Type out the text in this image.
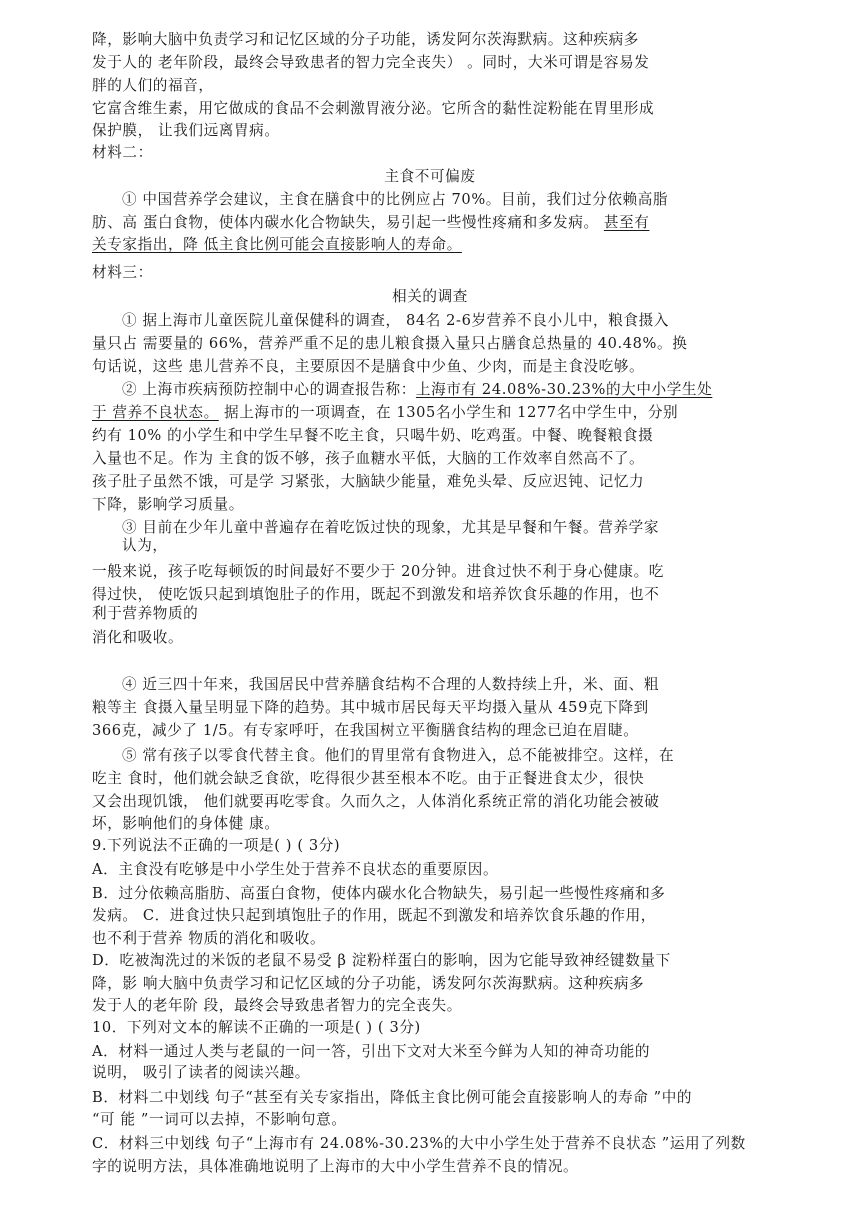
降，影响大脑中负责学习和记忆区域的分子功能，诱发阿尔茨海默病。这种疾病多
发于人的 老年阶段，最终会导致患者的智力完全丧失） 。同时，大米可谓是容易发
胖的人们的福音，
它富含维生素，用它做成的食品不会刺激胃液分泌。它所含的黏性淀粉能在胃里形成
保护膜， 让我们远离胃病。
材料二：
主食不可偏废
① 中国营养学会建议，主食在膳食中的比例应占 70%。目前，我们过分依赖高脂
肪、高 蛋白食物，使体内碳水化合物缺失，易引起一些慢性疼痛和多发病。 甚至有
关专家指出，降 低主食比例可能会直接影响人的寿命。
材料三：
相关的调查
① 据上海市儿童医院儿童保健科的调查， 84名 2-6岁营养不良小儿中，粮食摄入
量只占 需要量的 66%，营养严重不足的患儿粮食摄入量只占膳食总热量的 40.48%。换
句话说，这些 患儿营养不良，主要原因不是膳食中少鱼、少肉，而是主食没吃够。
② 上海市疾病预防控制中心的调查报告称：上海市有 24.08%-30.23%的大中小学生处
于 营养不良状态。 据上海市的一项调查，在 1305名小学生和 1277名中学生中，分别
约有 10% 的小学生和中学生早餐不吃主食，只喝牛奶、吃鸡蛋。中餐、晚餐粮食摄
入量也不足。作为 主食的饭不够，孩子血糖水平低，大脑的工作效率自然高不了。
孩子肚子虽然不饿，可是学 习紧张，大脑缺少能量，难免头晕、反应迟钝、记忆力
下降，影响学习质量。
③ 目前在少年儿童中普遍存在着吃饭过快的现象，尤其是早餐和午餐。营养学家
认为，
一般来说，孩子吃每顿饭的时间最好不要少于 20分钟。进食过快不利于身心健康。吃
得过快， 使吃饭只起到填饱肚子的作用，既起不到激发和培养饮食乐趣的作用，也不
利于营养物质的
消化和吸收。
④ 近三四十年来，我国居民中营养膳食结构不合理的人数持续上升，米、面、粗
粮等主 食摄入量呈明显下降的趋势。其中城市居民每天平均摄入量从 459克下降到
366克，减少了 1/5。有专家呼吁，在我国树立平衡膳食结构的理念已迫在眉睫。
⑤ 常有孩子以零食代替主食。他们的胃里常有食物进入，总不能被排空。这样，在
吃主 食时，他们就会缺乏食欲，吃得很少甚至根本不吃。由于正餐进食太少，很快
又会出现饥饿， 他们就要再吃零食。久而久之，人体消化系统正常的消化功能会被破
坏，影响他们的身体健 康。
9.下列说法不正确的一项是( ) ( 3分)
A．主食没有吃够是中小学生处于营养不良状态的重要原因。
B．过分依赖高脂肪、高蛋白食物，使体内碳水化合物缺失，易引起一些慢性疼痛和多
发病。 C．进食过快只起到填饱肚子的作用，既起不到激发和培养饮食乐趣的作用，
也不利于营养 物质的消化和吸收。
D．吃被淘洗过的米饭的老鼠不易受 β 淀粉样蛋白的影响，因为它能导致神经键数量下
降，影 响大脑中负责学习和记忆区域的分子功能，诱发阿尔茨海默病。这种疾病多
发于人的老年阶 段，最终会导致患者智力的完全丧失。
10．下列对文本的解读不正确的一项是( ) ( 3分)
A．材料一通过人类与老鼠的一问一答，引出下文对大米至今鲜为人知的神奇功能的
说明， 吸引了读者的阅读兴趣。
B．材料二中划线 句子“甚至有关专家指出，降低主食比例可能会直接影响人的寿命 ”中的
“可 能 ”一词可以去掉，不影响句意。
C．材料三中划线 句子“上海市有 24.08%-30.23%的大中小学生处于营养不良状态 ”运用了列数
字的说明方法，具体准确地说明了上海市的大中小学生营养不良的情况。
